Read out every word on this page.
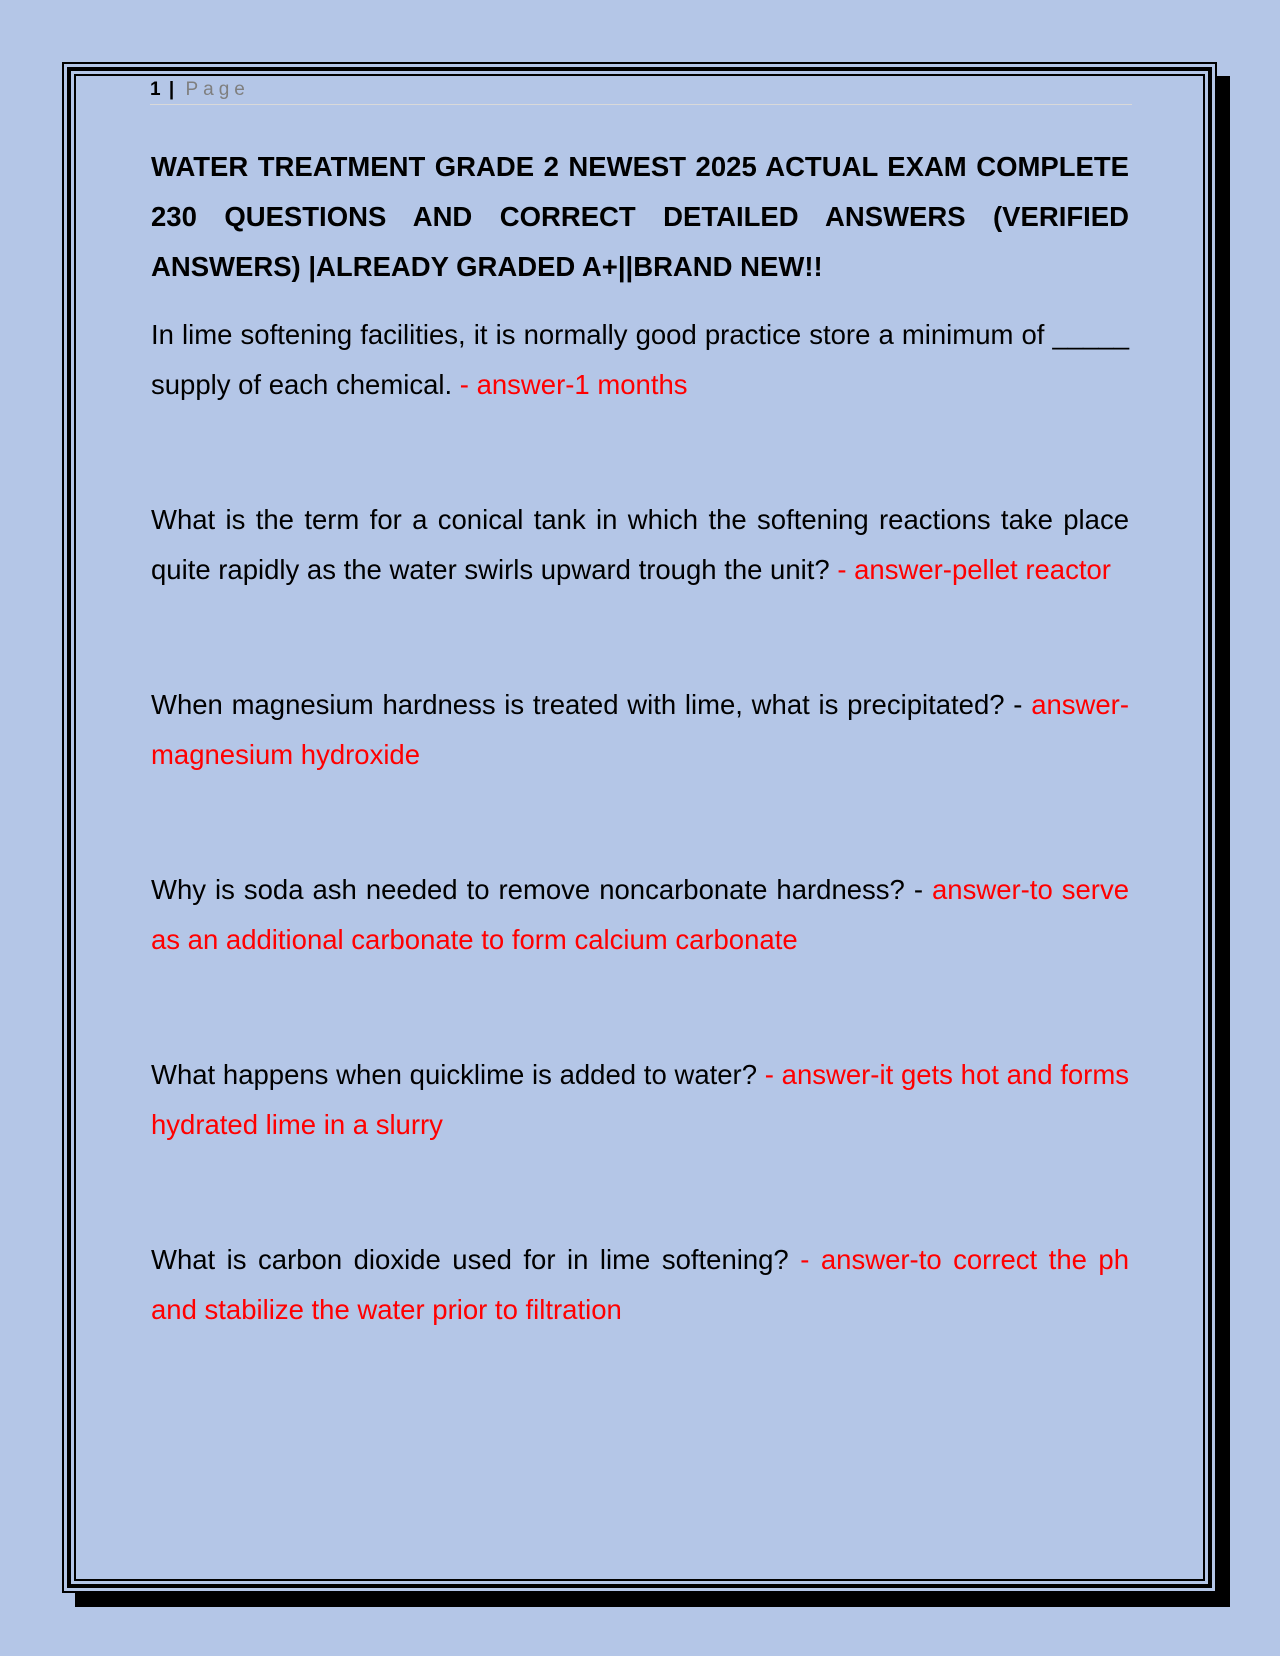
1 | Page

WATER TREATMENT GRADE 2 NEWEST 2025 ACTUAL EXAM COMPLETE 230 QUESTIONS AND CORRECT DETAILED ANSWERS (VERIFIED ANSWERS) |ALREADY GRADED A+||BRAND NEW!!

In lime softening facilities, it is normally good practice store a minimum of _____ supply of each chemical. - answer-1 months

What is the term for a conical tank in which the softening reactions take place quite rapidly as the water swirls upward trough the unit? - answer-pellet reactor

When magnesium hardness is treated with lime, what is precipitated? - answer-magnesium hydroxide

Why is soda ash needed to remove noncarbonate hardness? - answer-to serve as an additional carbonate to form calcium carbonate

What happens when quicklime is added to water? - answer-it gets hot and forms hydrated lime in a slurry

What is carbon dioxide used for in lime softening? - answer-to correct the ph and stabilize the water prior to filtration
